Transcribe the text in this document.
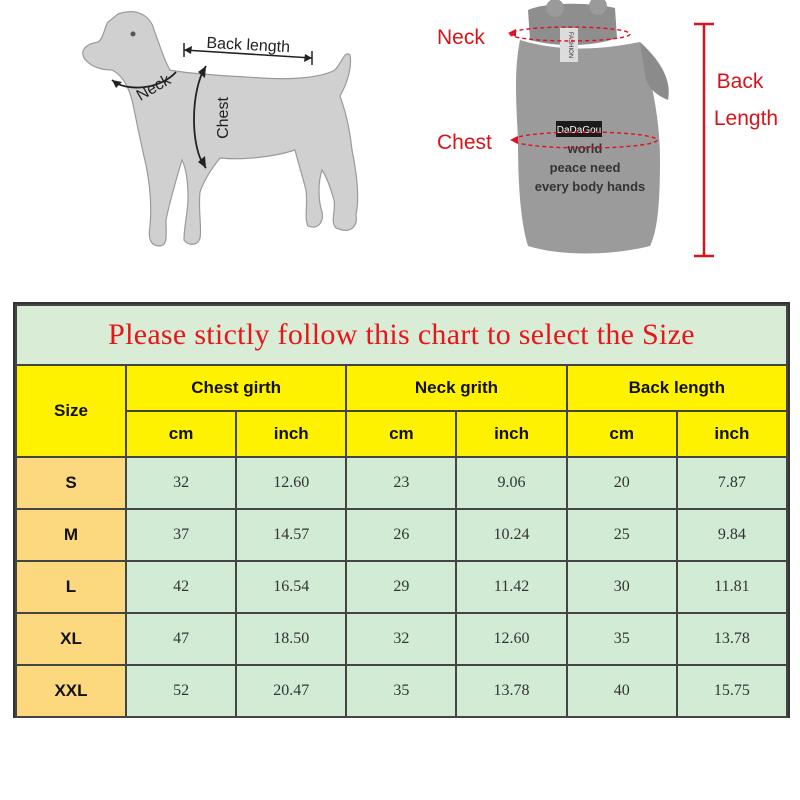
Back length
Neck
Chest
FASHION
DaDaGou
world
peace need
every body hands
Neck
Chest
Back
Length
Please stictly follow this chart to select the Size						
Size	Chest girth		Neck grith		Back length	
	cm	inch	cm	inch	cm	inch
S	32	12.60	23	9.06	20	7.87
M	37	14.57	26	10.24	25	9.84
L	42	16.54	29	11.42	30	11.81
XL	47	18.50	32	12.60	35	13.78
XXL	52	20.47	35	13.78	40	15.75
